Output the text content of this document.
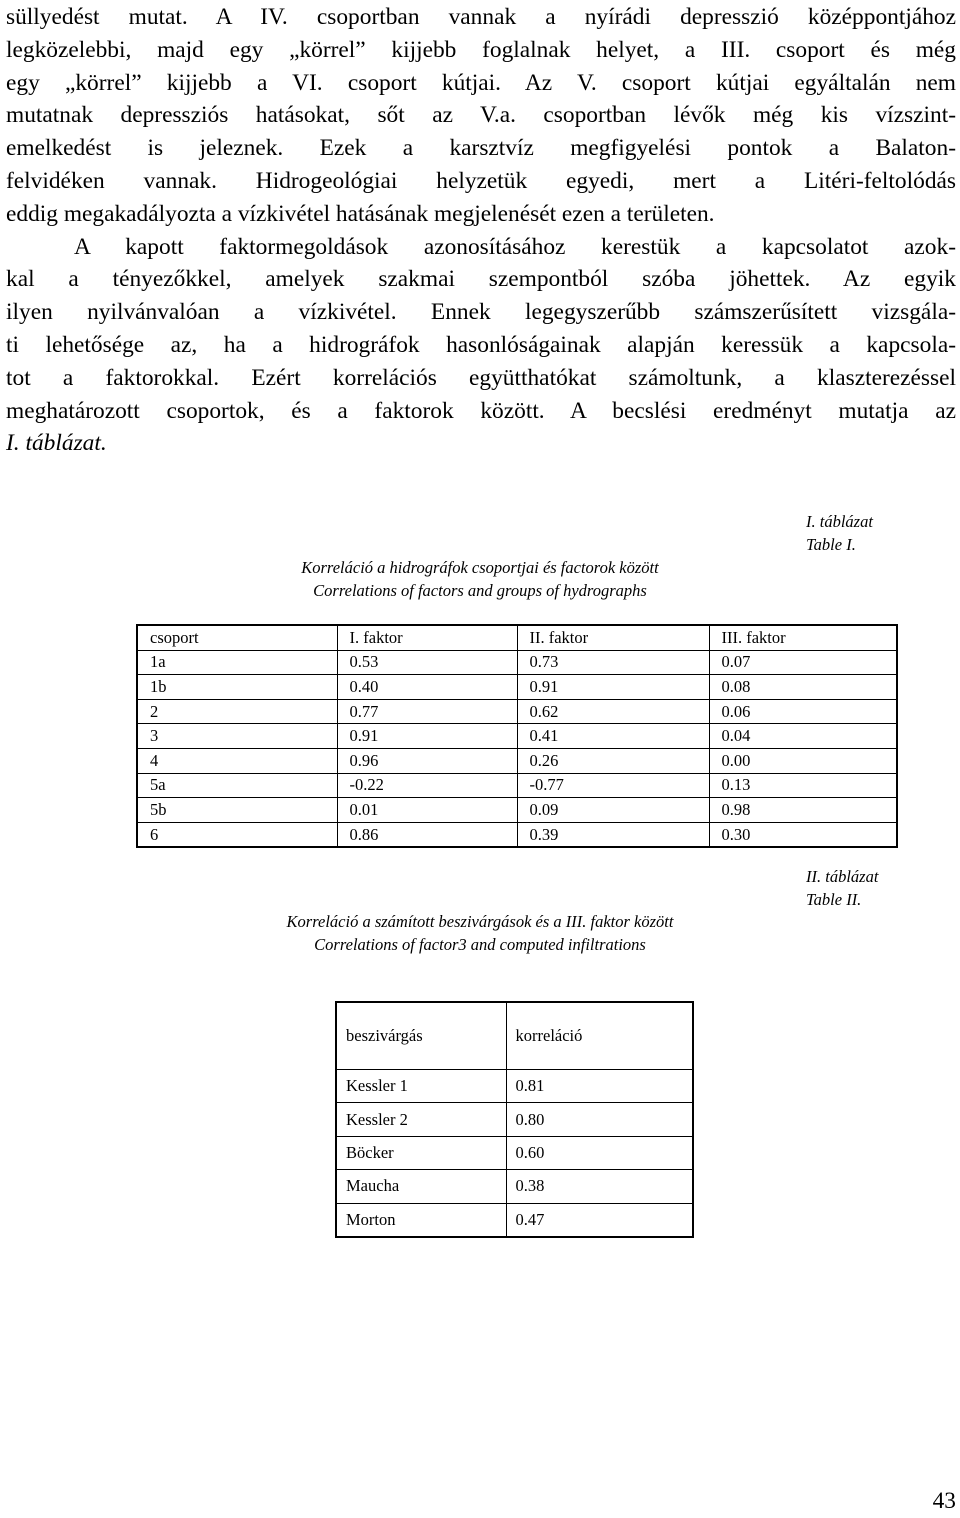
süllyedést mutat. A IV. csoportban vannak a nyírádi depresszió középpontjához
legközelebbi, majd egy „körrel” kijjebb foglalnak helyet, a III. csoport és még
egy „körrel” kijjebb a VI. csoport kútjai. Az V. csoport kútjai egyáltalán nem
mutatnak depressziós hatásokat, sőt az V.a. csoportban lévők még kis vízszint-
emelkedést is jeleznek. Ezek a karsztvíz megfigyelési pontok a Balaton-
felvidéken vannak. Hidrogeológiai helyzetük egyedi, mert a Litéri-feltolódás
eddig megakadályozta a vízkivétel hatásának megjelenését ezen a területen.
A kapott faktormegoldások azonosításához kerestük a kapcsolatot azok-
kal a tényezőkkel, amelyek szakmai szempontból szóba jöhettek. Az egyik
ilyen nyilvánvalóan a vízkivétel. Ennek legegyszerűbb számszerűsített vizsgála-
ti lehetősége az, ha a hidrográfok hasonlóságainak alapján keressük a kapcsola-
tot a faktorokkal. Ezért korrelációs együtthatókat számoltunk, a klaszterezéssel
meghatározott csoportok, és a faktorok között. A becslési eredményt mutatja az
I. táblázat.
I. táblázat
Table I.
Korreláció a hidrográfok csoportjai és factorok között
Correlations of factors and groups of hydrographs
csoport	I. faktor	II. faktor	III. faktor
1a	0.53	0.73	0.07
1b	0.40	0.91	0.08
2	0.77	0.62	0.06
3	0.91	0.41	0.04
4	0.96	0.26	0.00
5a	-0.22	-0.77	0.13
5b	0.01	0.09	0.98
6	0.86	0.39	0.30
II. táblázat
Table II.
Korreláció a számított beszivárgások és a III. faktor között
Correlations of factor3 and computed infiltrations
beszivárgás	korreláció
Kessler 1	0.81
Kessler 2	0.80
Böcker	0.60
Maucha	0.38
Morton	0.47
43
